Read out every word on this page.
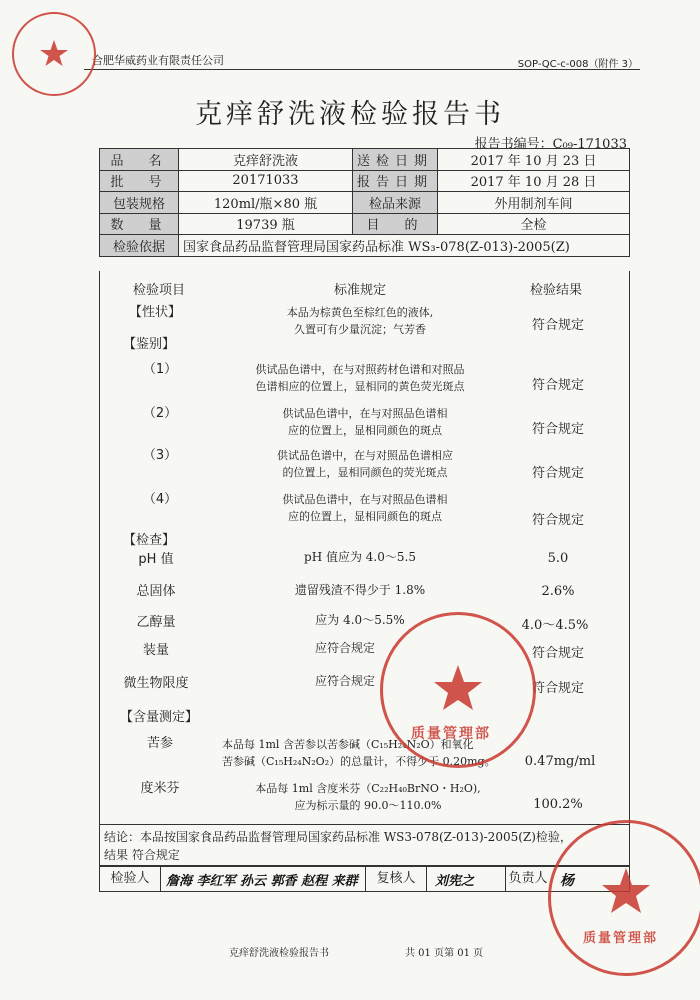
合肥华威药业有限责任公司	SOP-QC-c-008（附件 3）
克痒舒洗液检验报告书
报告书编号：C₀₉-171033
品　名	克痒舒洗液	送检日期	2017 年 10 月 23 日
批　号	20171033	报告日期	2017 年 10 月 28 日
包装规格	120ml/瓶×80 瓶	检品来源	外用制剂车间
数　量	19739 瓶	目　的	全检
检验依据	国家食品药品监督管理局国家药品标准 WS₃-078(Z-013)-2005(Z)		
检验项目	标准规定	检验结果
【性状】	本品为棕黄色至棕红色的液体,
久置可有少量沉淀；气芳香	符合规定
【鉴别】
（1）	供试品色谱中，在与对照药材色谱和对照品
色谱相应的位置上，显相同的黄色荧光斑点	符合规定
（2）	供试品色谱中，在与对照品色谱相
应的位置上，显相同颜色的斑点	符合规定
（3）	供试品色谱中，在与对照品色谱相应
的位置上，显相同颜色的荧光斑点	符合规定
（4）	供试品色谱中，在与对照品色谱相
应的位置上，显相同颜色的斑点	符合规定
【检查】
pH 值	pH 值应为 4.0～5.5	5.0
总固体	遗留残渣不得少于 1.8%	2.6%
乙醇量	应为 4.0～5.5%	4.0～4.5%
装量	应符合规定	符合规定
微生物限度	应符合规定	符合规定
【含量测定】
苦参	本品每 1ml 含苦参以苦参碱（C₁₅H₂₄N₂O）和氧化
苦参碱（C₁₅H₂₄N₂O₂）的总量计，不得少于 0.20mg。	0.47mg/ml
度米芬	本品每 1ml 含度米芬（C₂₂H₄₀BrNO・H₂O),
应为标示量的 90.0～110.0%	100.2%
结论：本品按国家食品药品监督管理局国家药品标准 WS3-078(Z-013)-2005(Z)检验，
结果 符合规定
检验人	詹海 李红军 孙云 郭香 赵程 来群	复核人	刘宪之	负责人 杨
克痒舒洗液检验报告书	共 01 页第 01 页
质量管理部
质量管理部
